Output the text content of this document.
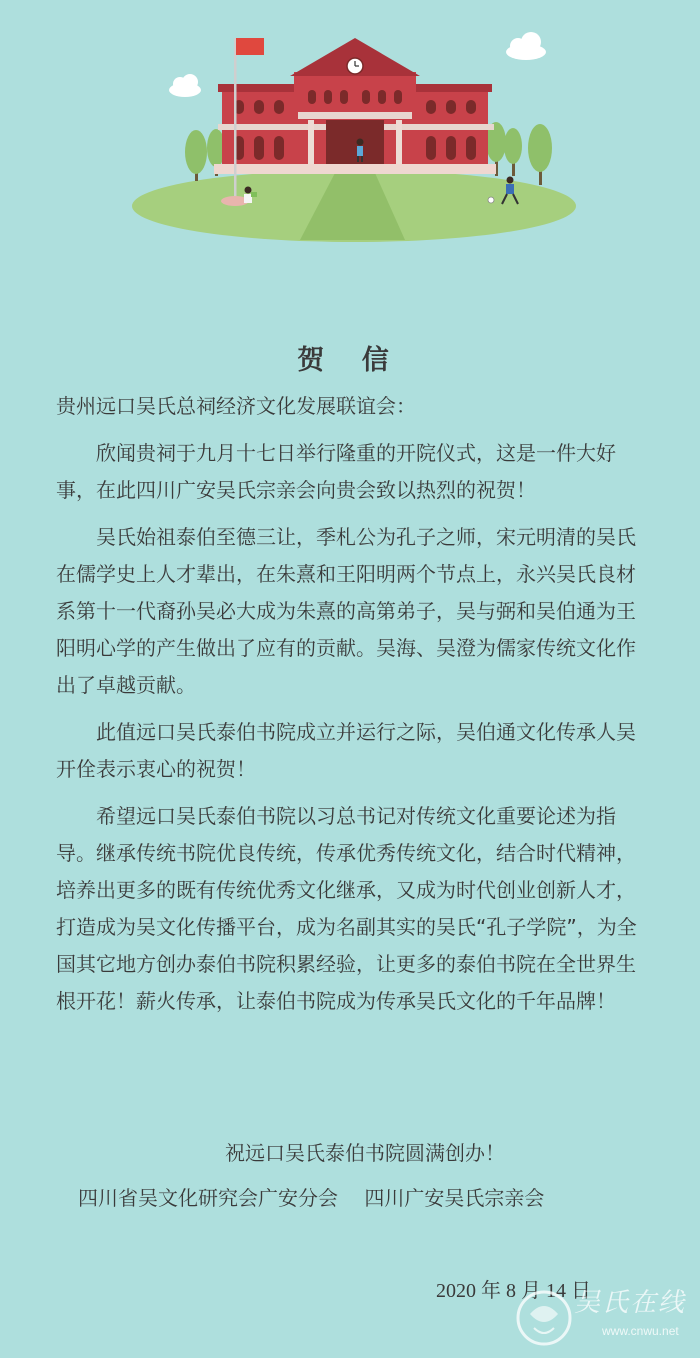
贺 信

贵州远口吴氏总祠经济文化发展联谊会：

欣闻贵祠于九月十七日举行隆重的开院仪式，这是一件大好事，在此四川广安吴氏宗亲会向贵会致以热烈的祝贺！

吴氏始祖泰伯至德三让，季札公为孔子之师，宋元明清的吴氏在儒学史上人才辈出，在朱熹和王阳明两个节点上，永兴吴氏良材系第十一代裔孙吴必大成为朱熹的高第弟子，吴与弼和吴伯通为王阳明心学的产生做出了应有的贡献。吴海、吴澄为儒家传统文化作出了卓越贡献。

此值远口吴氏泰伯书院成立并运行之际，吴伯通文化传承人吴开佺表示衷心的祝贺！

希望远口吴氏泰伯书院以习总书记对传统文化重要论述为指导。继承传统书院优良传统，传承优秀传统文化，结合时代精神，培养出更多的既有传统优秀文化继承，又成为时代创业创新人才，打造成为吴文化传播平台，成为名副其实的吴氏“孔子学院”，为全国其它地方创办泰伯书院积累经验，让更多的泰伯书院在全世界生根开花！薪火传承，让泰伯书院成为传承吴氏文化的千年品牌！

祝远口吴氏泰伯书院圆满创办！
四川省吴文化研究会广安分会 四川广安吴氏宗亲会
2020 年 8 月 14 日
吴氏在线
www.cnwu.net
